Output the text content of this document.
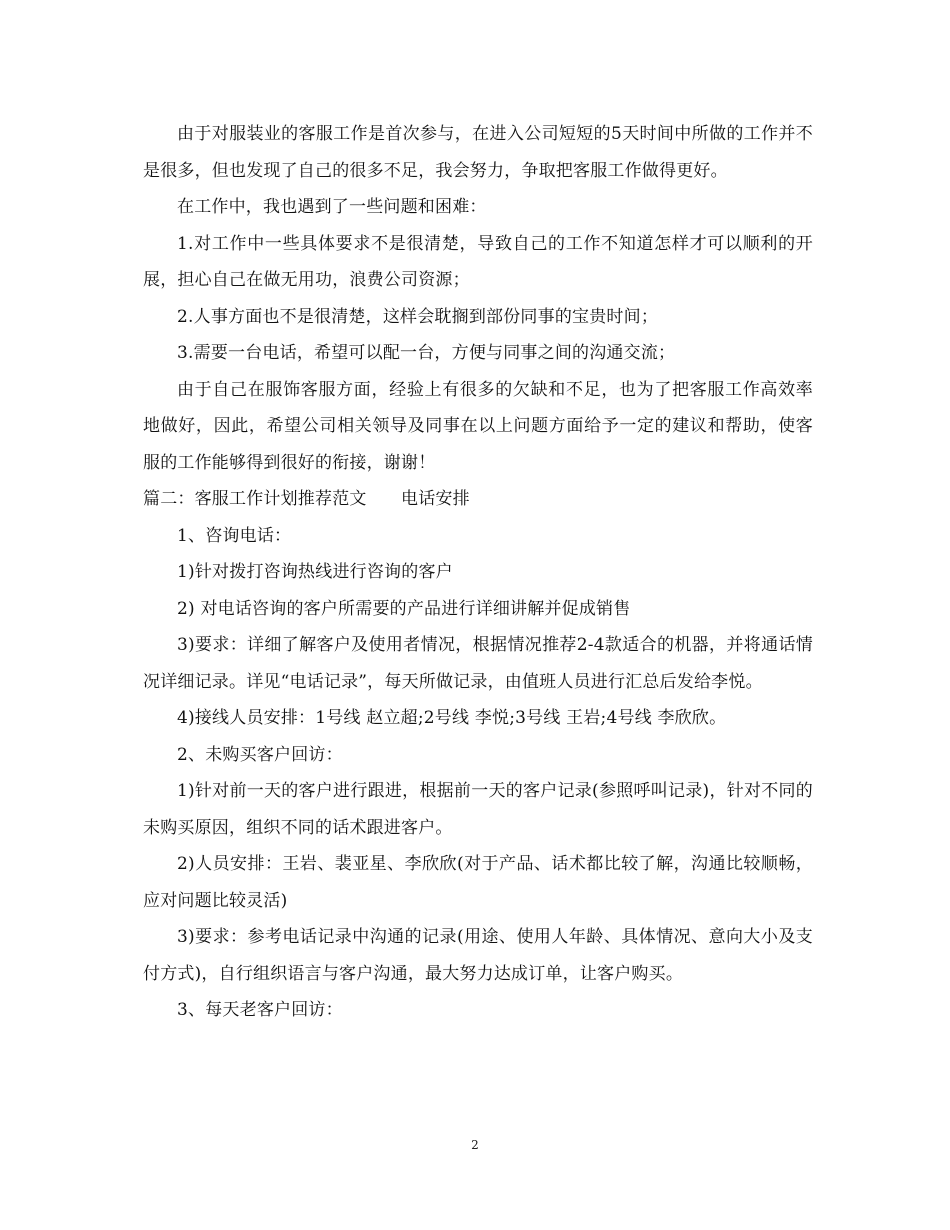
由于对服装业的客服工作是首次参与，在进入公司短短的5天时间中所做的工作并不是很多，但也发现了自己的很多不足，我会努力，争取把客服工作做得更好。

在工作中，我也遇到了一些问题和困难：

1.对工作中一些具体要求不是很清楚，导致自己的工作不知道怎样才可以顺利的开展，担心自己在做无用功，浪费公司资源；

2.人事方面也不是很清楚，这样会耽搁到部份同事的宝贵时间；

3.需要一台电话，希望可以配一台，方便与同事之间的沟通交流；

由于自己在服饰客服方面，经验上有很多的欠缺和不足，也为了把客服工作高效率地做好，因此，希望公司相关领导及同事在以上问题方面给予一定的建议和帮助，使客服的工作能够得到很好的衔接，谢谢！

篇二：客服工作计划推荐范文　　电话安排

1、咨询电话：

1)针对拨打咨询热线进行咨询的客户

2) 对电话咨询的客户所需要的产品进行详细讲解并促成销售

3)要求：详细了解客户及使用者情况，根据情况推荐2-4款适合的机器，并将通话情况详细记录。详见“电话记录”，每天所做记录，由值班人员进行汇总后发给李悦。

4)接线人员安排：1号线 赵立超;2号线 李悦;3号线 王岩;4号线 李欣欣。

2、未购买客户回访：

1)针对前一天的客户进行跟进，根据前一天的客户记录(参照呼叫记录)，针对不同的未购买原因，组织不同的话术跟进客户。

2)人员安排：王岩、裴亚星、李欣欣(对于产品、话术都比较了解，沟通比较顺畅，应对问题比较灵活)

3)要求：参考电话记录中沟通的记录(用途、使用人年龄、具体情况、意向大小及支付方式)，自行组织语言与客户沟通，最大努力达成订单，让客户购买。

3、每天老客户回访：

2
